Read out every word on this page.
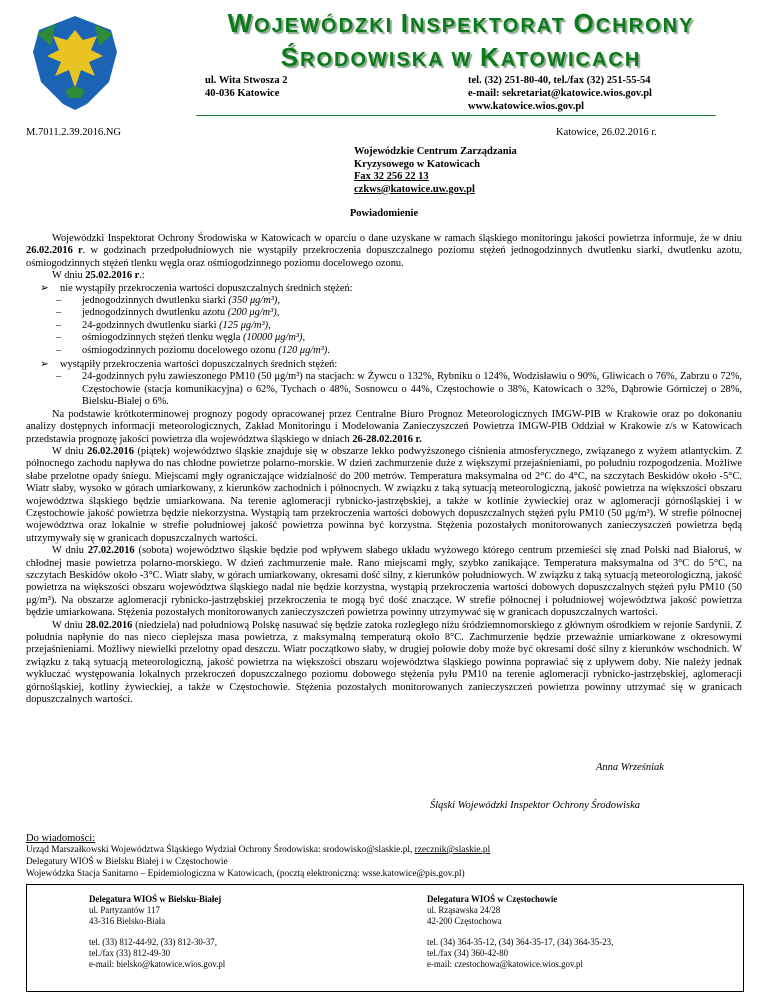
WOJEWÓDZKI INSPEKTORAT OCHRONY
ŚRODOWISKA W KATOWICACH
ul. Wita Stwosza 2
40-036 Katowice
tel. (32) 251-80-40, tel./fax (32) 251-55-54
e-mail: sekretariat@katowice.wios.gov.pl
www.katowice.wios.gov.pl
M.7011.2.39.2016.NG	Katowice, 26.02.2016 r.
Wojewódzkie Centrum Zarządzania
Kryzysowego w Katowicach
Fax 32 256 22 13
czkws@katowice.uw.gov.pl
Powiadomienie
Wojewódzki Inspektorat Ochrony Środowiska w Katowicach w oparciu o dane uzyskane w ramach śląskiego monitoringu jakości powietrza informuje, że w dniu 26.02.2016 r. w godzinach przedpołudniowych nie wystąpiły przekroczenia dopuszczalnego poziomu stężeń jednogodzinnych dwutlenku siarki, dwutlenku azotu, ośmiogodzinnych stężeń tlenku węgla oraz ośmiogodzinnego poziomu docelowego ozonu.
W dniu 25.02.2016 r.:
➢ nie wystąpiły przekroczenia wartości dopuszczalnych średnich stężeń:
– jednogodzinnych dwutlenku siarki (350 μg/m³),
– jednogodzinnych dwutlenku azotu (200 μg/m³),
– 24-godzinnych dwutlenku siarki (125 μg/m³),
– ośmiogodzinnych stężeń tlenku węgla (10000 μg/m³),
– ośmiogodzinnych poziomu docelowego ozonu (120 μg/m³).
➢ wystąpiły przekroczenia wartości dopuszczalnych średnich stężeń:
– 24-godzinnych pyłu zawieszonego PM10 (50 μg/m³) na stacjach: w Żywcu o 132%, Rybniku o 124%, Wodzisławiu o 90%, Gliwicach o 76%, Zabrzu o 72%, Częstochowie (stacja komunikacyjna) o 62%, Tychach o 48%, Sosnowcu o 44%, Częstochowie o 38%, Katowicach o 32%, Dąbrowie Górniczej o 28%, Bielsku-Białej o 6%.
Na podstawie krótkoterminowej prognozy pogody opracowanej przez Centralne Biuro Prognoz Meteorologicznych IMGW-PIB w Krakowie oraz po dokonaniu analizy dostępnych informacji meteorologicznych, Zakład Monitoringu i Modelowania Zanieczyszczeń Powietrza IMGW-PIB Oddział w Krakowie z/s w Katowicach przedstawia prognozę jakości powietrza dla województwa śląskiego w dniach 26-28.02.2016 r.
W dniu 26.02.2016 (piątek) województwo śląskie znajduje się w obszarze lekko podwyższonego ciśnienia atmosferycznego, związanego z wyżem atlantyckim. Z północnego zachodu napływa do nas chłodne powietrze polarno-morskie. W dzień zachmurzenie duże z większymi przejaśnieniami, po południu rozpogodzenia. Możliwe słabe przelotne opady śniegu. Miejscami mgły ograniczające widzialność do 200 metrów. Temperatura maksymalna od 2°C do 4°C, na szczytach Beskidów około -5°C. Wiatr słaby, wysoko w górach umiarkowany, z kierunków zachodnich i północnych. W związku z taką sytuacją meteorologiczną, jakość powietrza na większości obszaru województwa śląskiego będzie umiarkowana. Na terenie aglomeracji rybnicko-jastrzębskiej, a także w kotlinie żywieckiej oraz w aglomeracji górnośląskiej i w Częstochowie jakość powietrza będzie niekorzystna. Wystąpią tam przekroczenia wartości dobowych dopuszczalnych stężeń pyłu PM10 (50 μg/m³). W strefie północnej województwa oraz lokalnie w strefie południowej jakość powietrza powinna być korzystna. Stężenia pozostałych monitorowanych zanieczyszczeń powietrza będą utrzymywały się w granicach dopuszczalnych wartości.
W dniu 27.02.2016 (sobota) województwo śląskie będzie pod wpływem słabego układu wyżowego którego centrum przemieści się znad Polski nad Białoruś, w chłodnej masie powietrza polarno-morskiego. W dzień zachmurzenie małe. Rano miejscami mgły, szybko zanikające. Temperatura maksymalna od 3°C do 5°C, na szczytach Beskidów około -3°C. Wiatr słaby, w górach umiarkowany, okresami dość silny, z kierunków południowych. W związku z taką sytuacją meteorologiczną, jakość powietrza na większości obszaru województwa śląskiego nadal nie będzie korzystna, wystąpią przekroczenia wartości dobowych dopuszczalnych stężeń pyłu PM10 (50 μg/m³). Na obszarze aglomeracji rybnicko-jastrzębskiej przekroczenia te mogą być dość znaczące. W strefie północnej i południowej województwa jakość powietrza będzie umiarkowana. Stężenia pozostałych monitorowanych zanieczyszczeń powietrza powinny utrzymywać się w granicach dopuszczalnych wartości.
W dniu 28.02.2016 (niedziela) nad południową Polskę nasuwać się będzie zatoka rozległego niżu śródziemnomorskiego z głównym ośrodkiem w rejonie Sardynii. Z południa napłynie do nas nieco cieplejsza masa powietrza, z maksymalną temperaturą około 8°C. Zachmurzenie będzie przeważnie umiarkowane z okresowymi przejaśnieniami. Możliwy niewielki przelotny opad deszczu. Wiatr początkowo słaby, w drugiej połowie doby może być okresami dość silny z kierunków wschodnich. W związku z taką sytuacją meteorologiczną, jakość powietrza na większości obszaru województwa śląskiego powinna poprawiać się z upływem doby. Nie należy jednak wykluczać występowania lokalnych przekroczeń dopuszczalnego poziomu dobowego stężenia pyłu PM10 na terenie aglomeracji rybnicko-jastrzębskiej, aglomeracji górnośląskiej, kotliny żywieckiej, a także w Częstochowie. Stężenia pozostałych monitorowanych zanieczyszczeń powietrza powinny utrzymać się w granicach dopuszczalnych wartości.
Anna Wrześniak
Śląski Wojewódzki Inspektor Ochrony Środowiska
Do wiadomości:
Urząd Marszałkowski Województwa Śląskiego Wydział Ochrony Środowiska: srodowisko@slaskie.pl, rzecznik@slaskie.pl
Delegatury WIOŚ w Bielsku Białej i w Częstochowie
Wojewódzka Stacja Sanitarno – Epidemiologiczna w Katowicach, (pocztą elektroniczną: wsse.katowice@pis.gov.pl)
Delegatura WIOŚ w Bielsku-Białej
ul. Partyzantów 117
43-316 Bielsko-Biała
tel. (33) 812-44-92, (33) 812-30-37,
tel./fax (33) 812-49-30
e-mail: bielsko@katowice.wios.gov.pl
Delegatura WIOŚ w Częstochowie
ul. Rząsawska 24/28
42-200 Częstochowa
tel. (34) 364-35-12, (34) 364-35-17, (34) 364-35-23,
tel./fax (34) 360-42-80
e-mail: czestochowa@katowice.wios.gov.pl
